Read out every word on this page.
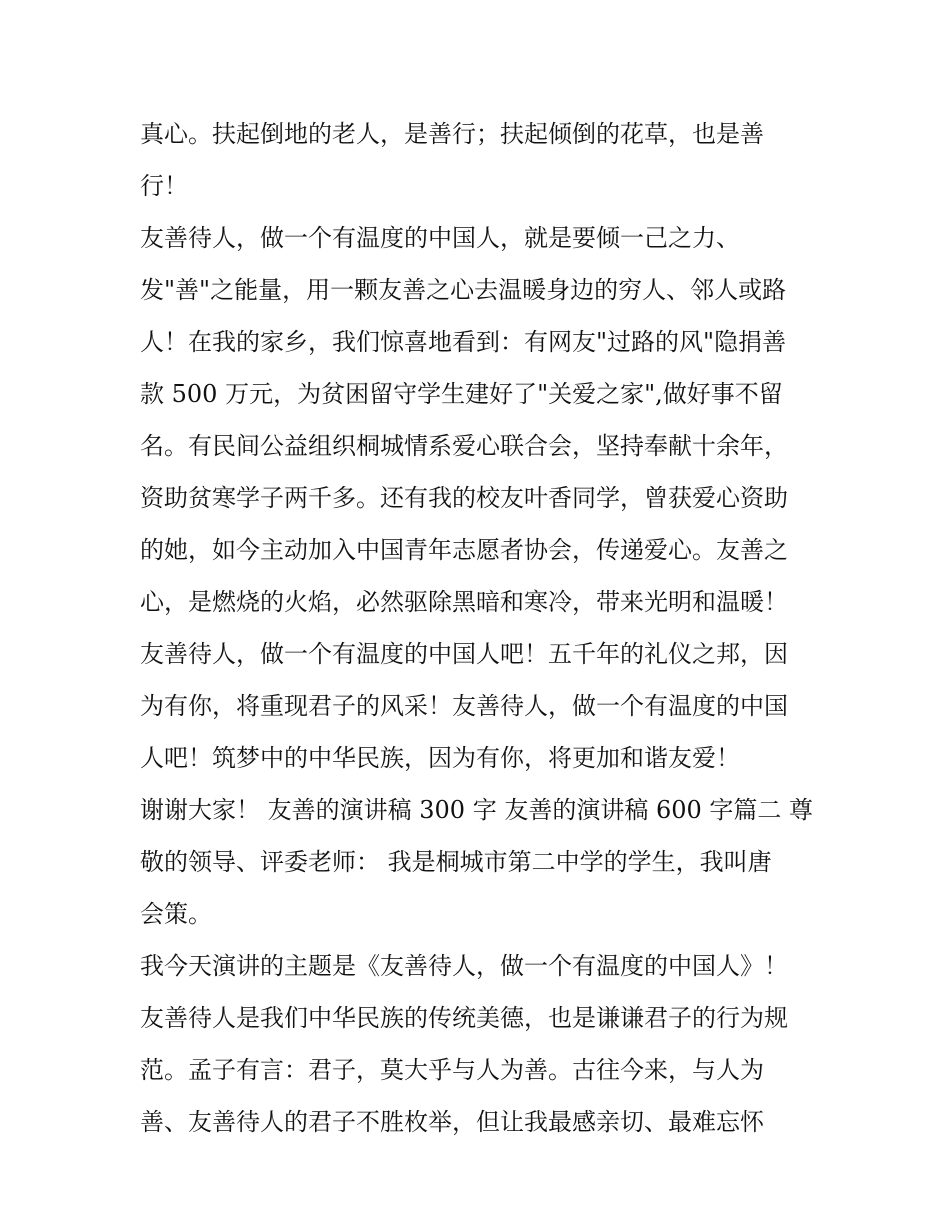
真心。扶起倒地的老人，是善行；扶起倾倒的花草，也是善
行！
友善待人，做一个有温度的中国人，就是要倾一己之力、
发"善"之能量，用一颗友善之心去温暖身边的穷人、邻人或路
人！在我的家乡，我们惊喜地看到：有网友"过路的风"隐捐善
款 500 万元，为贫困留守学生建好了"关爱之家",做好事不留
名。有民间公益组织桐城情系爱心联合会，坚持奉献十余年，
资助贫寒学子两千多。还有我的校友叶香同学，曾获爱心资助
的她，如今主动加入中国青年志愿者协会，传递爱心。友善之
心，是燃烧的火焰，必然驱除黑暗和寒冷，带来光明和温暖！
友善待人，做一个有温度的中国人吧！五千年的礼仪之邦，因
为有你，将重现君子的风采！友善待人，做一个有温度的中国
人吧！筑梦中的中华民族，因为有你，将更加和谐友爱！
谢谢大家！ 友善的演讲稿 300 字 友善的演讲稿 600 字篇二 尊
敬的领导、评委老师： 我是桐城市第二中学的学生，我叫唐
会策。
我今天演讲的主题是《友善待人，做一个有温度的中国人》！
友善待人是我们中华民族的传统美德，也是谦谦君子的行为规
范。孟子有言：君子，莫大乎与人为善。古往今来，与人为
善、友善待人的君子不胜枚举，但让我最感亲切、最难忘怀
